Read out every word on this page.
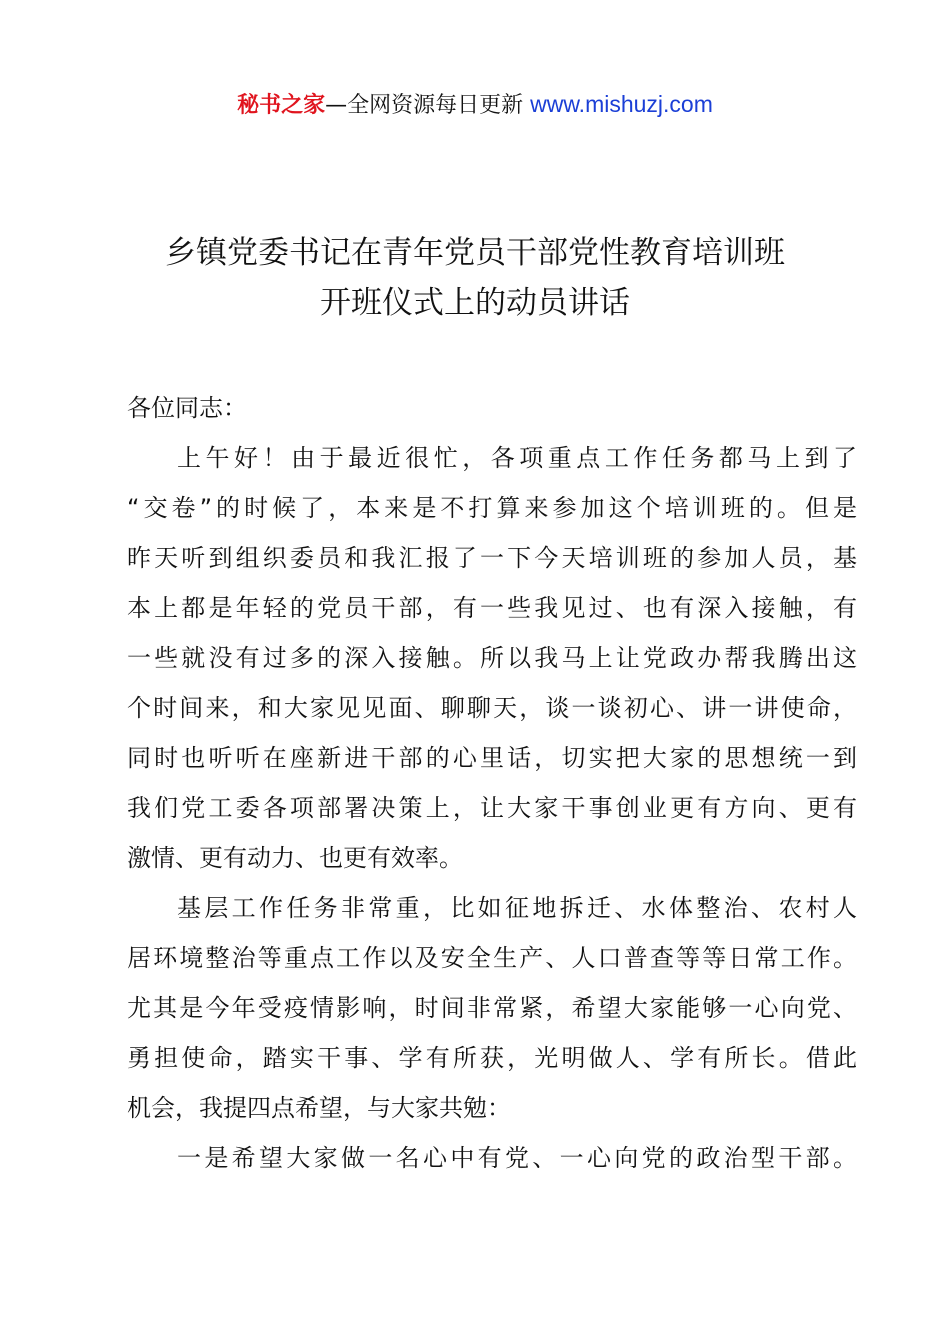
秘书之家—全网资源每日更新 www.mishuzj.com
乡镇党委书记在青年党员干部党性教育培训班
开班仪式上的动员讲话
各位同志：
上午好！由于最近很忙，各项重点工作任务都马上到了
“交卷”的时候了，本来是不打算来参加这个培训班的。但是
昨天听到组织委员和我汇报了一下今天培训班的参加人员，基
本上都是年轻的党员干部，有一些我见过、也有深入接触，有
一些就没有过多的深入接触。所以我马上让党政办帮我腾出这
个时间来，和大家见见面、聊聊天，谈一谈初心、讲一讲使命，
同时也听听在座新进干部的心里话，切实把大家的思想统一到
我们党工委各项部署决策上，让大家干事创业更有方向、更有
激情、更有动力、也更有效率。
基层工作任务非常重，比如征地拆迁、水体整治、农村人
居环境整治等重点工作以及安全生产、人口普查等等日常工作。
尤其是今年受疫情影响，时间非常紧，希望大家能够一心向党、
勇担使命，踏实干事、学有所获，光明做人、学有所长。借此
机会，我提四点希望，与大家共勉：
一是希望大家做一名心中有党、一心向党的政治型干部。
